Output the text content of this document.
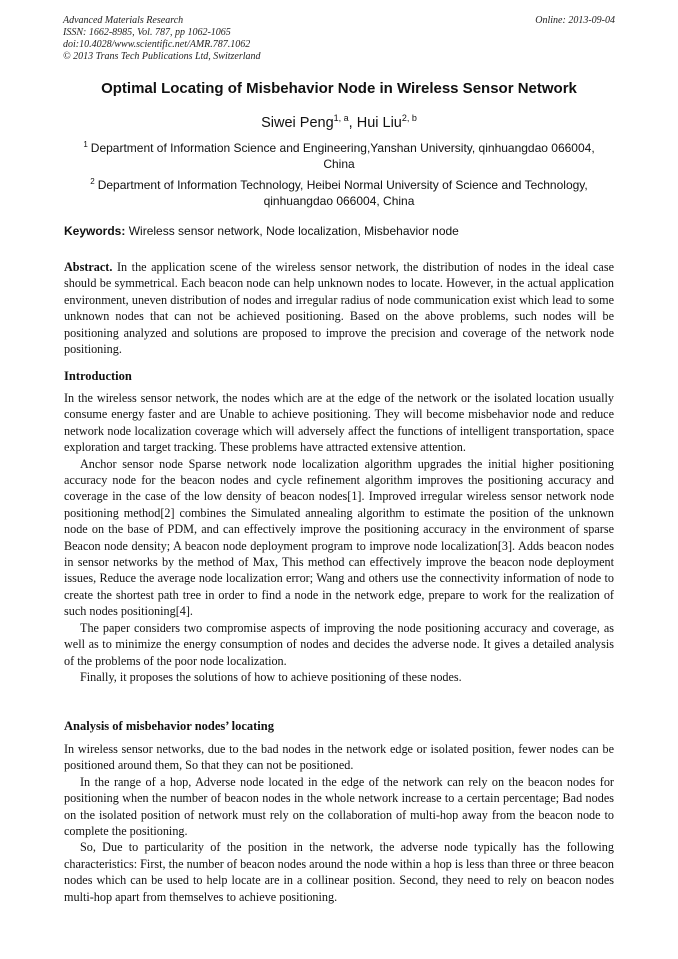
Advanced Materials Research
ISSN: 1662-8985, Vol. 787, pp 1062-1065
doi:10.4028/www.scientific.net/AMR.787.1062
© 2013 Trans Tech Publications Ltd, Switzerland
Online: 2013-09-04
Optimal Locating of Misbehavior Node in Wireless Sensor Network
Siwei Peng$^{1, a}$, Hui Liu$^{2, b}$
$^1$ Department of Information Science and Engineering,Yanshan University, qinhuangdao 066004, China
$^2$ Department of Information Technology, Heibei Normal University of Science and Technology, qinhuangdao 066004, China
Keywords: Wireless sensor network, Node localization, Misbehavior node

Abstract. In the application scene of the wireless sensor network, the distribution of nodes in the ideal case should be symmetrical. Each beacon node can help unknown nodes to locate. However, in the actual application environment, uneven distribution of nodes and irregular radius of node communication exist which lead to some unknown nodes that can not be achieved positioning. Based on the above problems, such nodes will be positioning analyzed and solutions are proposed to improve the precision and coverage of the network node positioning.

Introduction

In the wireless sensor network, the nodes which are at the edge of the network or the isolated location usually consume energy faster and are Unable to achieve positioning. They will become misbehavior node and reduce network node localization coverage which will adversely affect the functions of intelligent transportation, space exploration and target tracking. These problems have attracted extensive attention.

Anchor sensor node Sparse network node localization algorithm upgrades the initial higher positioning accuracy node for the beacon nodes and cycle refinement algorithm improves the positioning accuracy and coverage in the case of the low density of beacon nodes[1]. Improved irregular wireless sensor network node positioning method[2] combines the Simulated annealing algorithm to estimate the position of the unknown node on the base of PDM, and can effectively improve the positioning accuracy in the environment of sparse Beacon node density; A beacon node deployment program to improve node localization[3]. Adds beacon nodes in sensor networks by the method of Max, This method can effectively improve the beacon node deployment issues, Reduce the average node localization error; Wang and others use the connectivity information of node to create the shortest path tree in order to find a node in the network edge, prepare to work for the realization of such nodes positioning[4].

The paper considers two compromise aspects of improving the node positioning accuracy and coverage, as well as to minimize the energy consumption of nodes and decides the adverse node. It gives a detailed analysis of the problems of the poor node localization.

Finally, it proposes the solutions of how to achieve positioning of these nodes.

Analysis of misbehavior nodes’ locating

In wireless sensor networks, due to the bad nodes in the network edge or isolated position, fewer nodes can be positioned around them, So that they can not be positioned.

In the range of a hop, Adverse node located in the edge of the network can rely on the beacon nodes for positioning when the number of beacon nodes in the whole network increase to a certain percentage; Bad nodes on the isolated position of network must rely on the collaboration of multi-hop away from the beacon node to complete the positioning.

So, Due to particularity of the position in the network, the adverse node typically has the following characteristics: First, the number of beacon nodes around the node within a hop is less than three or three beacon nodes which can be used to help locate are in a collinear position. Second, they need to rely on beacon nodes multi-hop apart from themselves to achieve positioning.
